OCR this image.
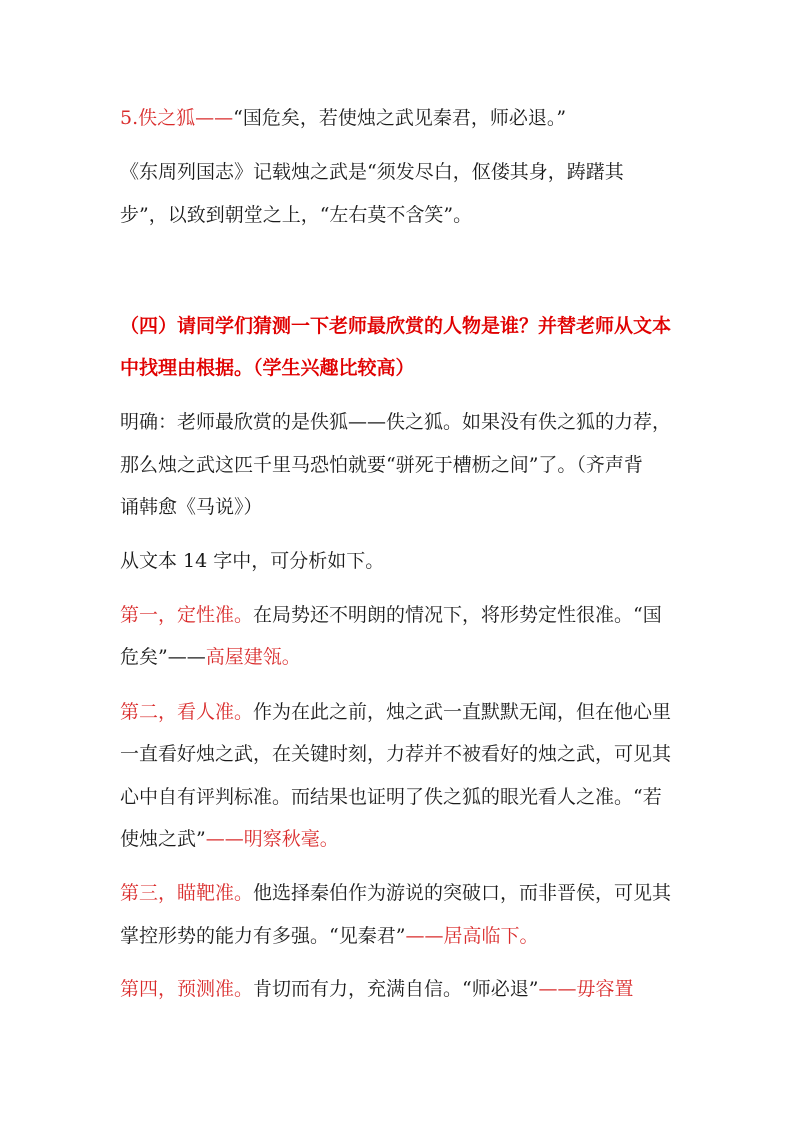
5.佚之狐——“国危矣，若使烛之武见秦君，师必退。”

《东周列国志》记载烛之武是“须发尽白，伛偻其身，踌躇其

步”，以致到朝堂之上，“左右莫不含笑”。

（四）请同学们猜测一下老师最欣赏的人物是谁？并替老师从文本

中找理由根据。（学生兴趣比较高）

明确：老师最欣赏的是佚狐——佚之狐。如果没有佚之狐的力荐，

那么烛之武这匹千里马恐怕就要“骈死于槽枥之间”了。（齐声背

诵韩愈《马说》）

从文本 14 字中，可分析如下。

第一，定性准。在局势还不明朗的情况下，将形势定性很准。“国

危矣”——高屋建瓴。

第二，看人准。作为在此之前，烛之武一直默默无闻，但在他心里

一直看好烛之武，在关键时刻，力荐并不被看好的烛之武，可见其

心中自有评判标准。而结果也证明了佚之狐的眼光看人之准。“若

使烛之武”——明察秋毫。

第三，瞄靶准。他选择秦伯作为游说的突破口，而非晋侯，可见其

掌控形势的能力有多强。“见秦君”——居高临下。

第四，预测准。肯切而有力，充满自信。“师必退”——毋容置
